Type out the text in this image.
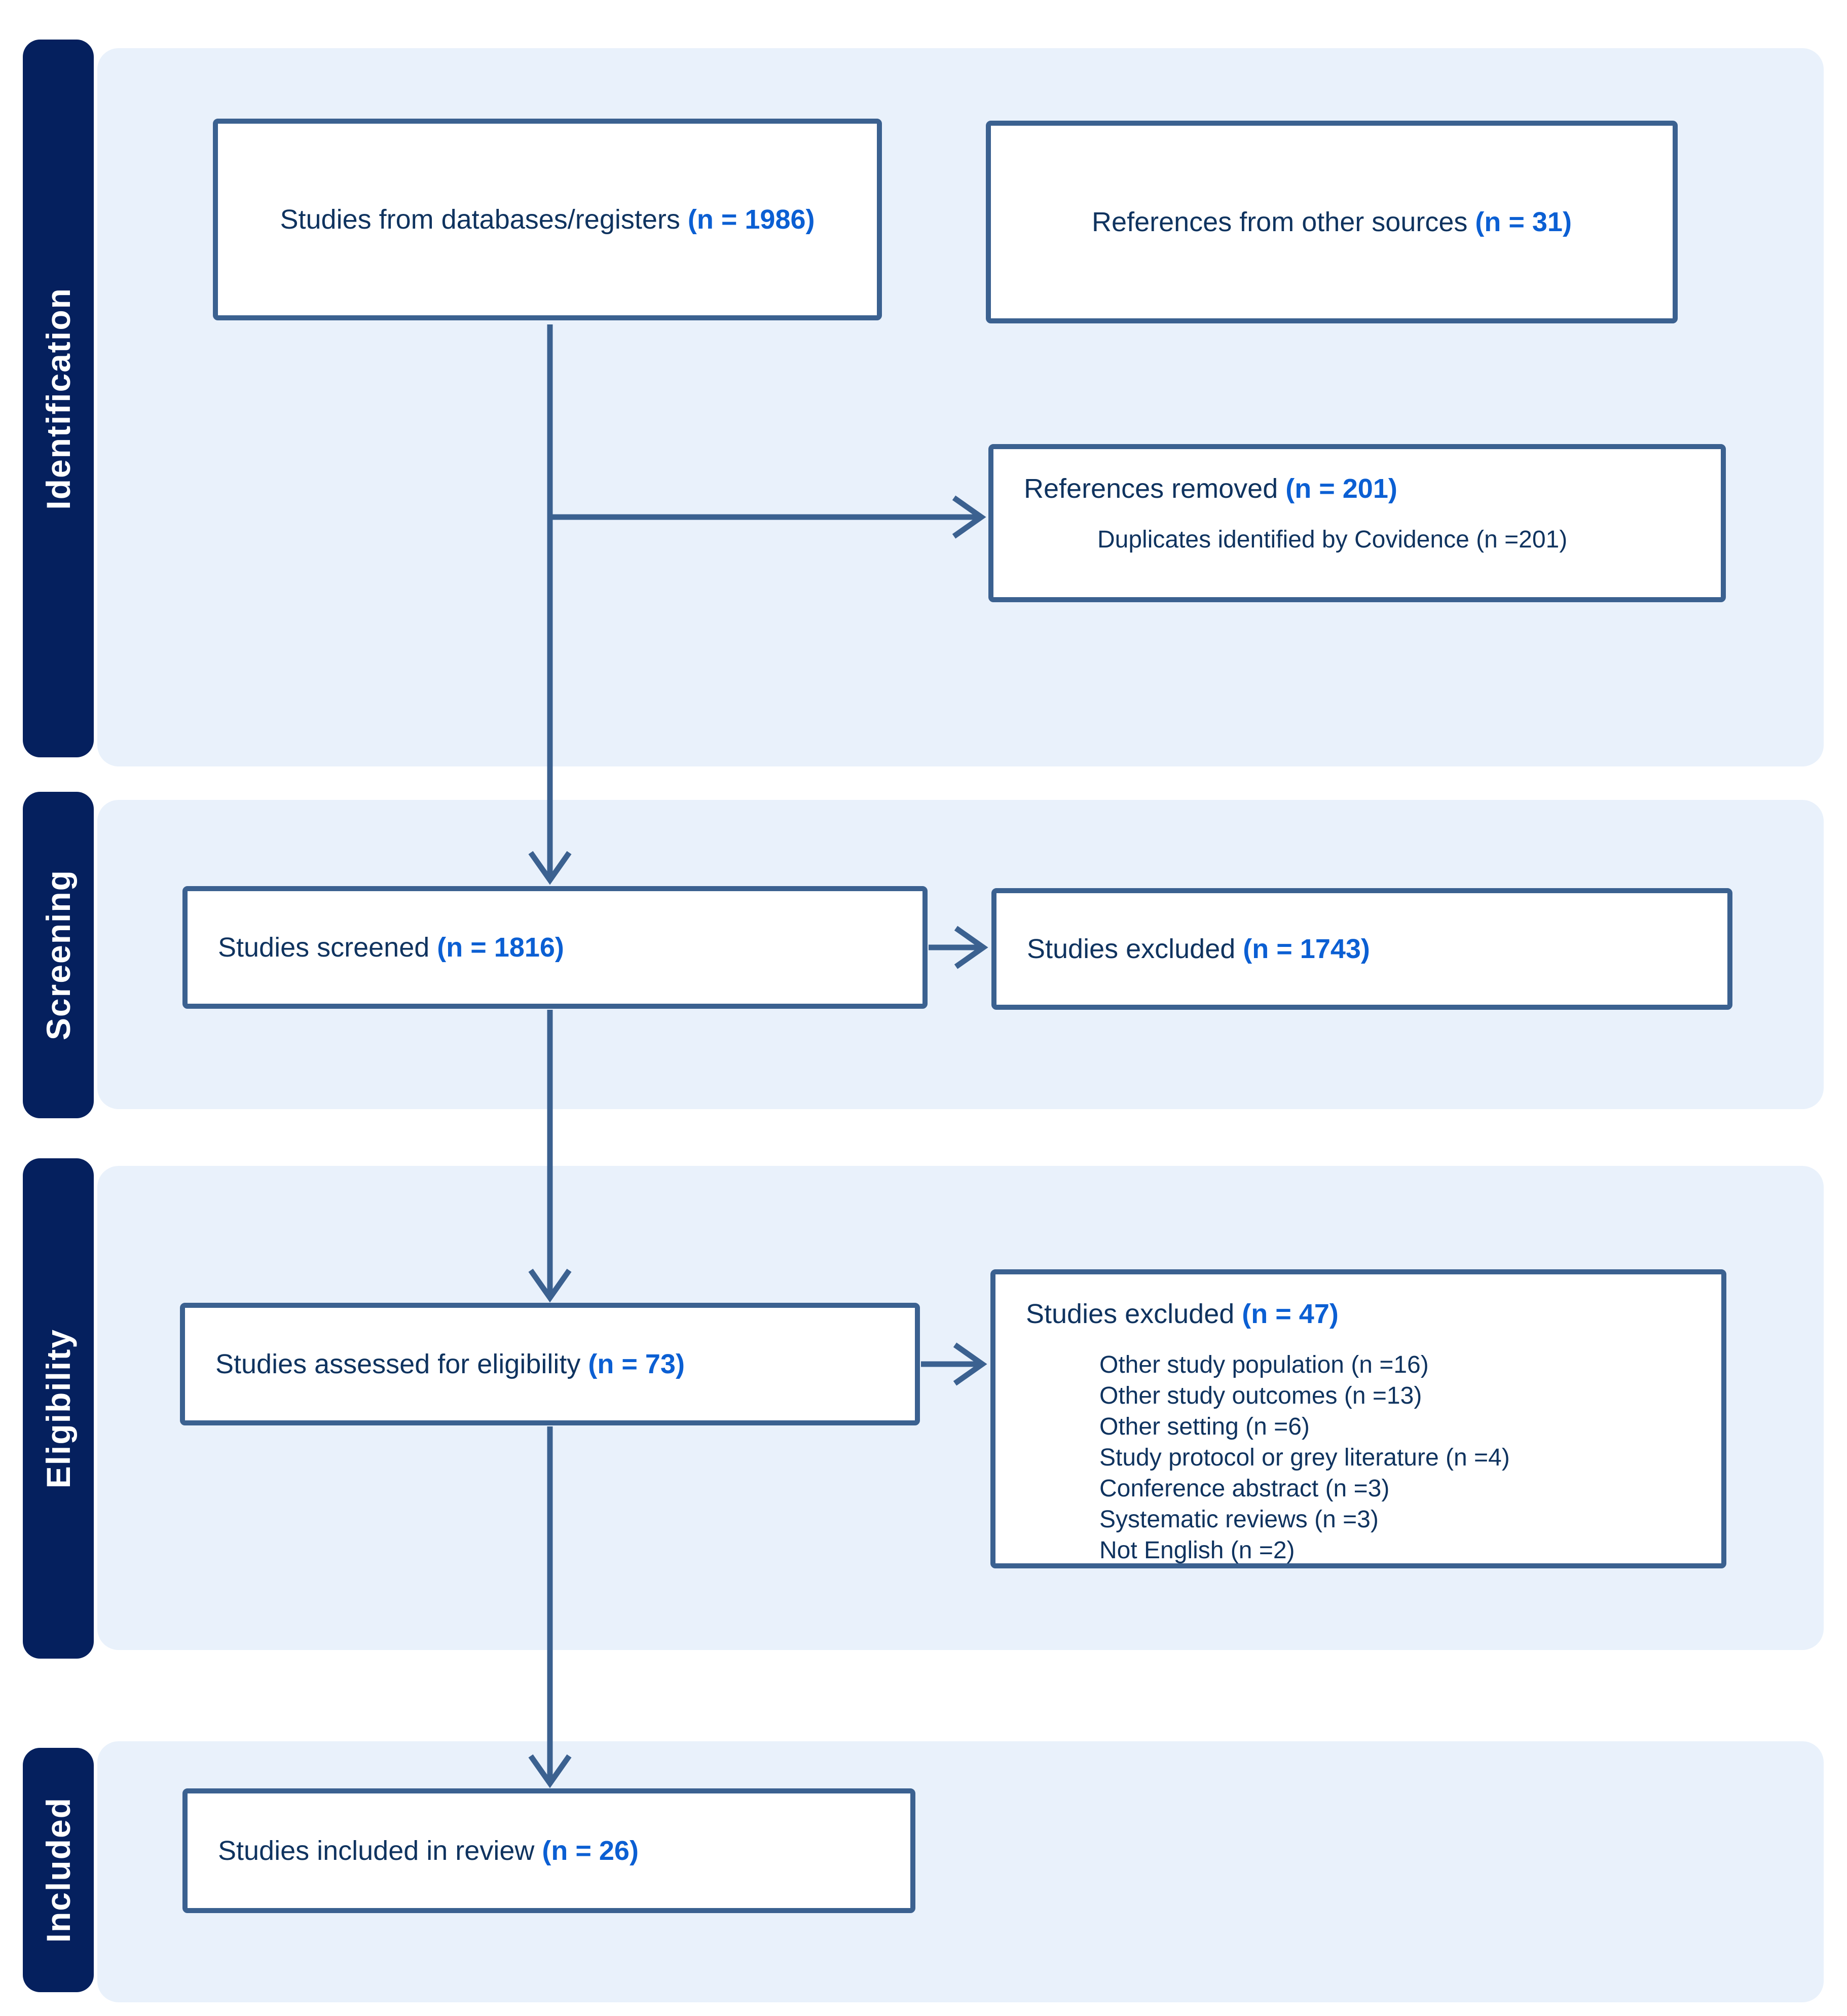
Identification
Screening
Eligibility
Included
Studies from databases/registers (n = 1986)	References from other sources (n = 31)
References removed (n = 201)
Duplicates identified by Covidence (n =201)
Studies screened (n = 1816)	Studies excluded (n = 1743)
Studies assessed for eligibility (n = 73)
Studies excluded (n = 47)
Other study population (n =16)
Other study outcomes (n =13)
Other setting (n =6)
Study protocol or grey literature (n =4)
Conference abstract (n =3)
Systematic reviews (n =3)
Not English (n =2)
Studies included in review (n = 26)
